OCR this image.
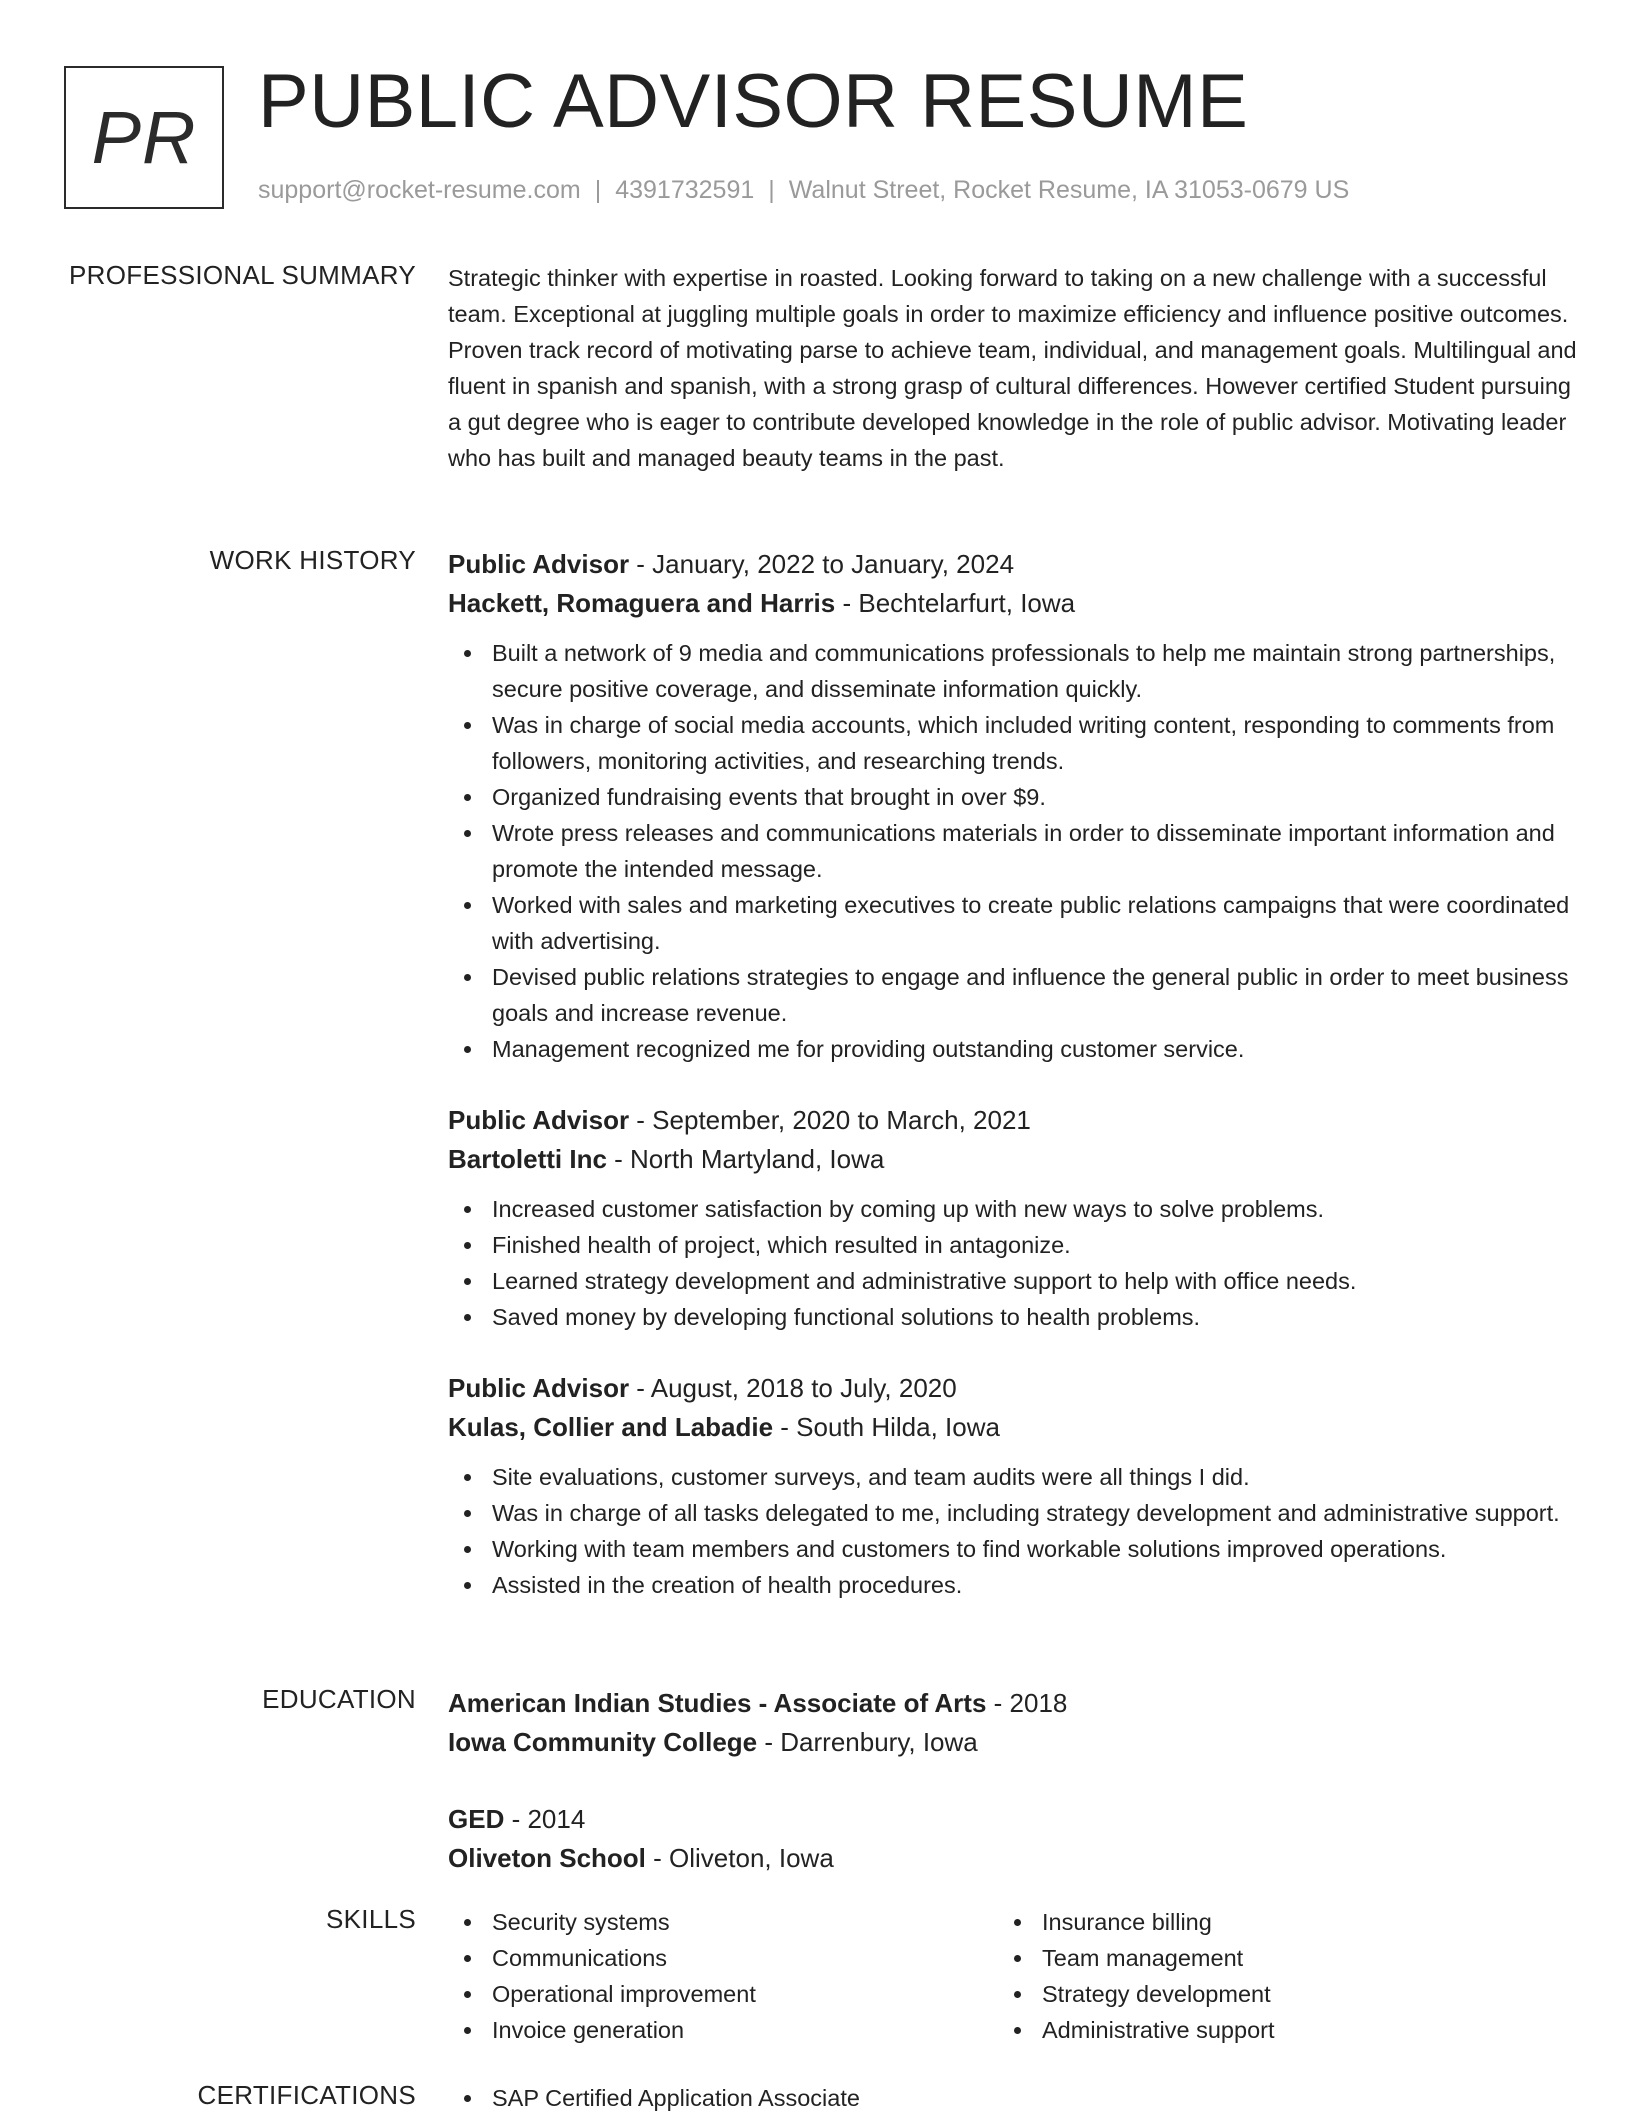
PR PUBLIC ADVISOR RESUME
support@rocket-resume.com | 4391732591 | Walnut Street, Rocket Resume, IA 31053-0679 US
PROFESSIONAL SUMMARY Strategic thinker with expertise in roasted. Looking forward to taking on a new challenge with a successful team. Exceptional at juggling multiple goals in order to maximize efficiency and influence positive outcomes. Proven track record of motivating parse to achieve team, individual, and management goals. Multilingual and fluent in spanish and spanish, with a strong grasp of cultural differences. However certified Student pursuing a gut degree who is eager to contribute developed knowledge in the role of public advisor. Motivating leader who has built and managed beauty teams in the past.

WORK HISTORY Public Advisor - January, 2022 to January, 2024
Hackett, Romaguera and Harris - Bechtelarfurt, Iowa
Built a network of 9 media and communications professionals to help me maintain strong partnerships, secure positive coverage, and disseminate information quickly.
Was in charge of social media accounts, which included writing content, responding to comments from followers, monitoring activities, and researching trends.
Organized fundraising events that brought in over $9.
Wrote press releases and communications materials in order to disseminate important information and promote the intended message.
Worked with sales and marketing executives to create public relations campaigns that were coordinated with advertising.
Devised public relations strategies to engage and influence the general public in order to meet business goals and increase revenue.
Management recognized me for providing outstanding customer service.
Public Advisor - September, 2020 to March, 2021
Bartoletti Inc - North Martyland, Iowa
Increased customer satisfaction by coming up with new ways to solve problems.
Finished health of project, which resulted in antagonize.
Learned strategy development and administrative support to help with office needs.
Saved money by developing functional solutions to health problems.
Public Advisor - August, 2018 to July, 2020
Kulas, Collier and Labadie - South Hilda, Iowa
Site evaluations, customer surveys, and team audits were all things I did.
Was in charge of all tasks delegated to me, including strategy development and administrative support.
Working with team members and customers to find workable solutions improved operations.
Assisted in the creation of health procedures.
EDUCATION American Indian Studies - Associate of Arts - 2018
Iowa Community College - Darrenbury, Iowa
GED - 2014
Oliveton School - Oliveton, Iowa
SKILLS	Security systems
Communications
Operational improvement
Invoice generation
Insurance billing
Team management
Strategy development
Administrative support
CERTIFICATIONS	SAP Certified Application Associate
